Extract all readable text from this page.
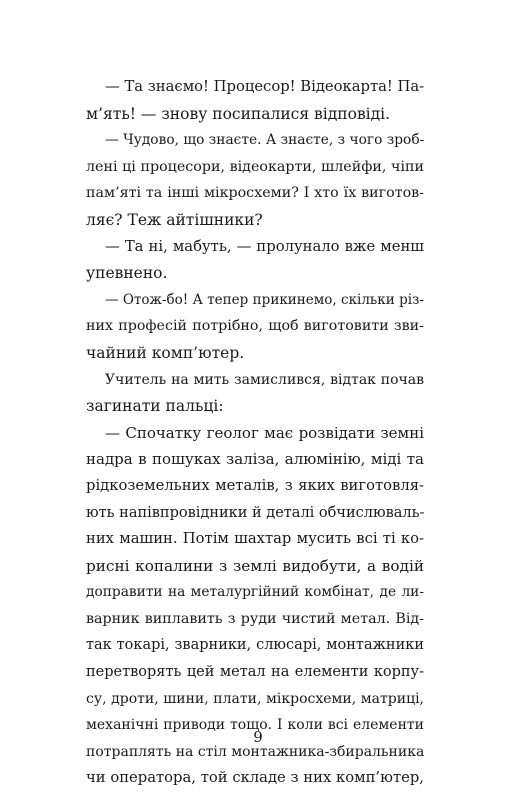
— Та знаємо! Процесор! Відеокарта! Па-
м’ять! — знову посипалися відповіді.
— Чудово, що знаєте. А знаєте, з чого зроб-
лені ці процесори, відеокарти, шлейфи, чіпи
пам’яті та інші мікросхеми? І хто їх виготов-
ляє? Теж айтішники?
— Та ні, мабуть, — пролунало вже менш
упевнено.
— Отож-бо! А тепер прикинемо, скільки різ-
них професій потрібно, щоб виготовити зви-
чайний комп’ютер.
Учитель на мить замислився, відтак почав
загинати пальці:
— Спочатку геолог має розвідати земні
надра в пошуках заліза, алюмінію, міді та
рідкоземельних металів, з яких виготовля-
ють напівпровідники й деталі обчислюваль-
них машин. Потім шахтар мусить всі ті ко-
рисні копалини з землі видобути, а водій
доправити на металургійний комбінат, де ли-
варник виплавить з руди чистий метал. Від-
так токарі, зварники, слюсарі, монтажники
перетворять цей метал на елементи корпу-
су, дроти, шини, плати, мікросхеми, матриці,
механічні приводи тощо. І коли всі елементи
потраплять на стіл монтажника-збиральника
чи оператора, той складе з них комп’ютер,
9
